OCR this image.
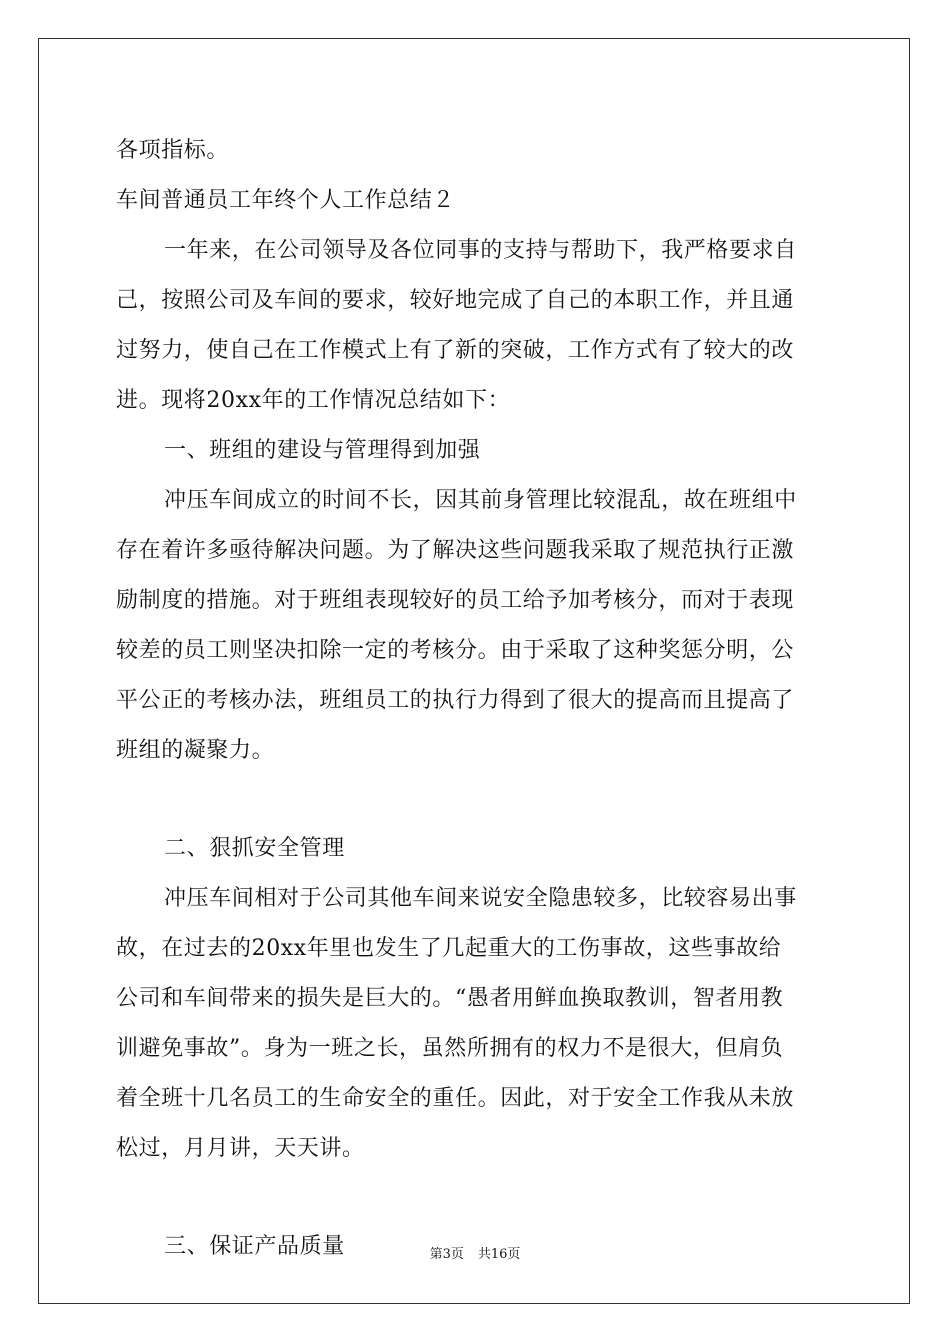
各项指标。
车间普通员工年终个人工作总结２
一年来，在公司领导及各位同事的支持与帮助下，我严格要求自
己，按照公司及车间的要求，较好地完成了自己的本职工作，并且通
过努力，使自己在工作模式上有了新的突破，工作方式有了较大的改
进。现将20xx年的工作情况总结如下：
一、班组的建设与管理得到加强
冲压车间成立的时间不长，因其前身管理比较混乱，故在班组中
存在着许多亟待解决问题。为了解决这些问题我采取了规范执行正激
励制度的措施。对于班组表现较好的员工给予加考核分，而对于表现
较差的员工则坚决扣除一定的考核分。由于采取了这种奖惩分明，公
平公正的考核办法，班组员工的执行力得到了很大的提高而且提高了
班组的凝聚力。
二、狠抓安全管理
冲压车间相对于公司其他车间来说安全隐患较多，比较容易出事
故，在过去的20xx年里也发生了几起重大的工伤事故，这些事故给
公司和车间带来的损失是巨大的。“愚者用鲜血换取教训，智者用教
训避免事故”。身为一班之长，虽然所拥有的权力不是很大，但肩负
着全班十几名员工的生命安全的重任。因此，对于安全工作我从未放
松过，月月讲，天天讲。
三、保证产品质量	第3页 共16页
